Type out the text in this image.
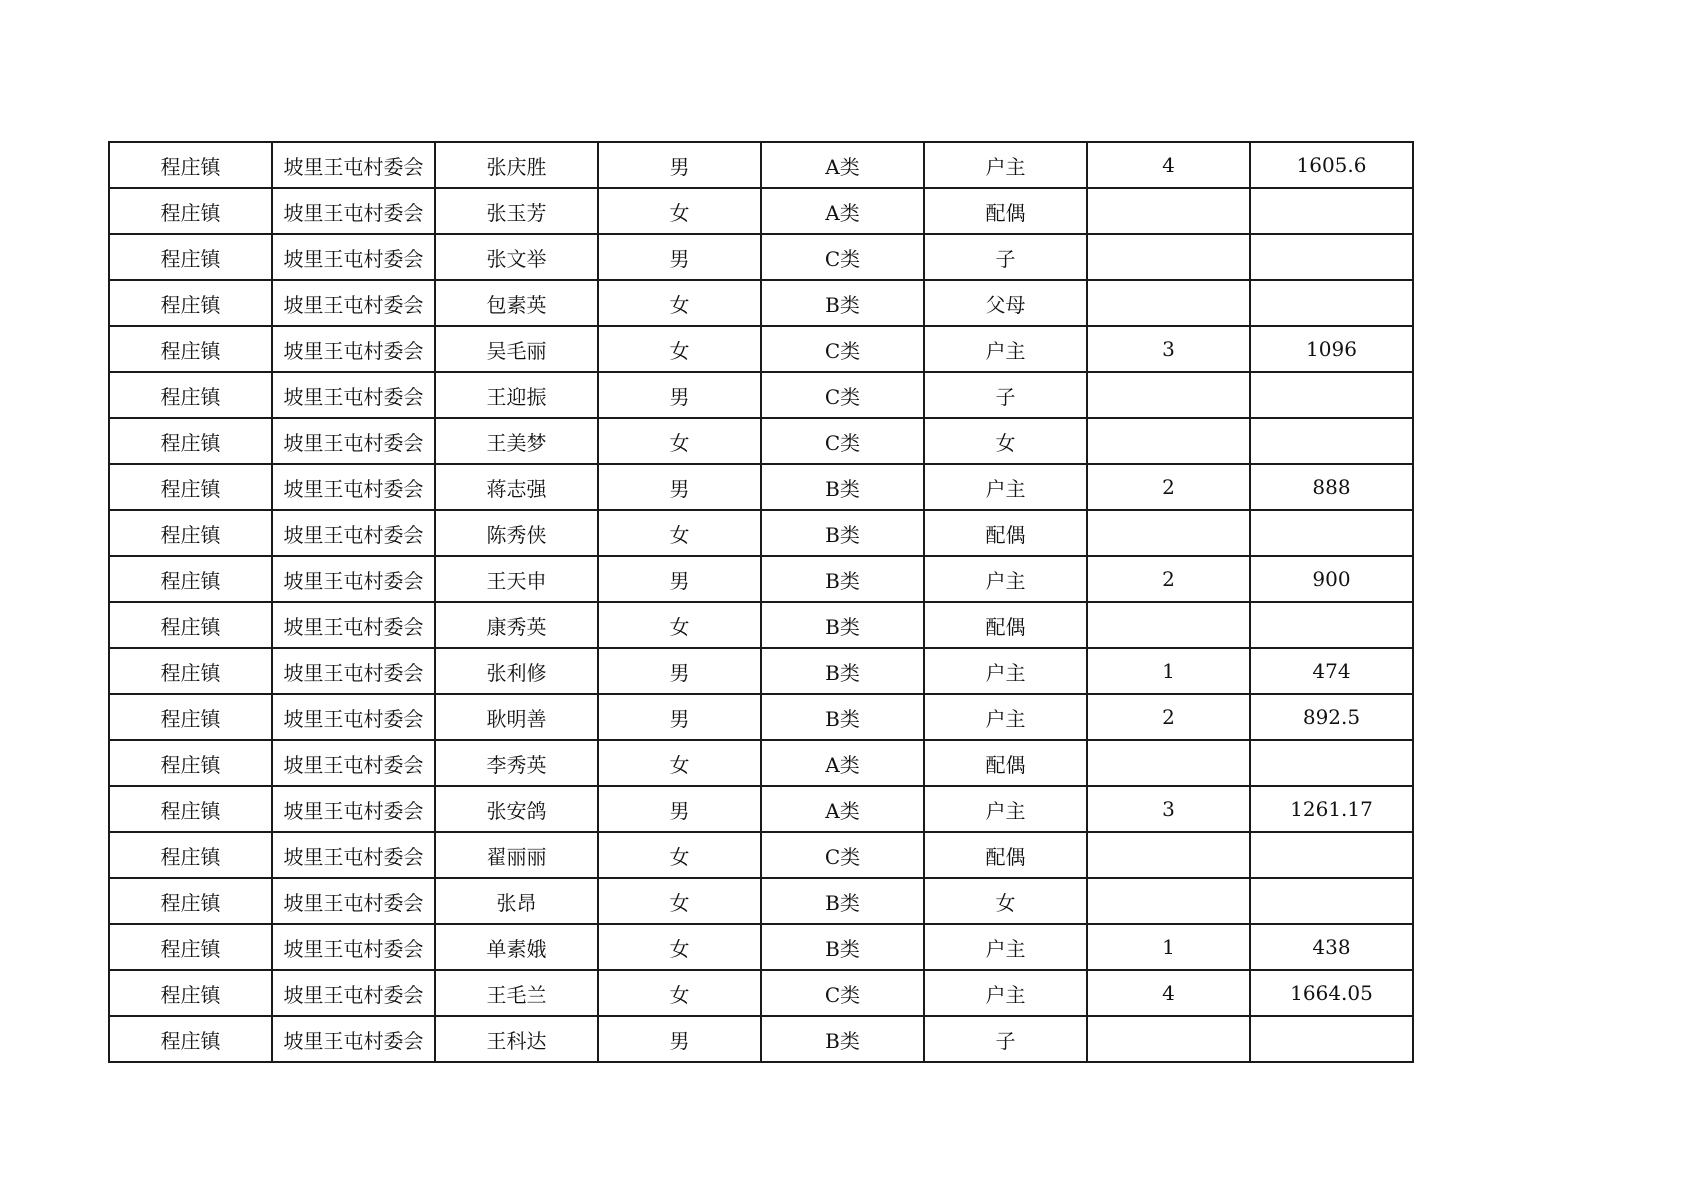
程庄镇	坡里王屯村委会	张庆胜	男	A类	户主	4	1605.6
程庄镇	坡里王屯村委会	张玉芳	女	A类	配偶		
程庄镇	坡里王屯村委会	张文举	男	C类	子		
程庄镇	坡里王屯村委会	包素英	女	B类	父母		
程庄镇	坡里王屯村委会	吴毛丽	女	C类	户主	3	1096
程庄镇	坡里王屯村委会	王迎振	男	C类	子		
程庄镇	坡里王屯村委会	王美梦	女	C类	女		
程庄镇	坡里王屯村委会	蒋志强	男	B类	户主	2	888
程庄镇	坡里王屯村委会	陈秀侠	女	B类	配偶		
程庄镇	坡里王屯村委会	王天申	男	B类	户主	2	900
程庄镇	坡里王屯村委会	康秀英	女	B类	配偶		
程庄镇	坡里王屯村委会	张利修	男	B类	户主	1	474
程庄镇	坡里王屯村委会	耿明善	男	B类	户主	2	892.5
程庄镇	坡里王屯村委会	李秀英	女	A类	配偶		
程庄镇	坡里王屯村委会	张安鸽	男	A类	户主	3	1261.17
程庄镇	坡里王屯村委会	翟丽丽	女	C类	配偶		
程庄镇	坡里王屯村委会	张昂	女	B类	女		
程庄镇	坡里王屯村委会	单素娥	女	B类	户主	1	438
程庄镇	坡里王屯村委会	王毛兰	女	C类	户主	4	1664.05
程庄镇	坡里王屯村委会	王科达	男	B类	子		
